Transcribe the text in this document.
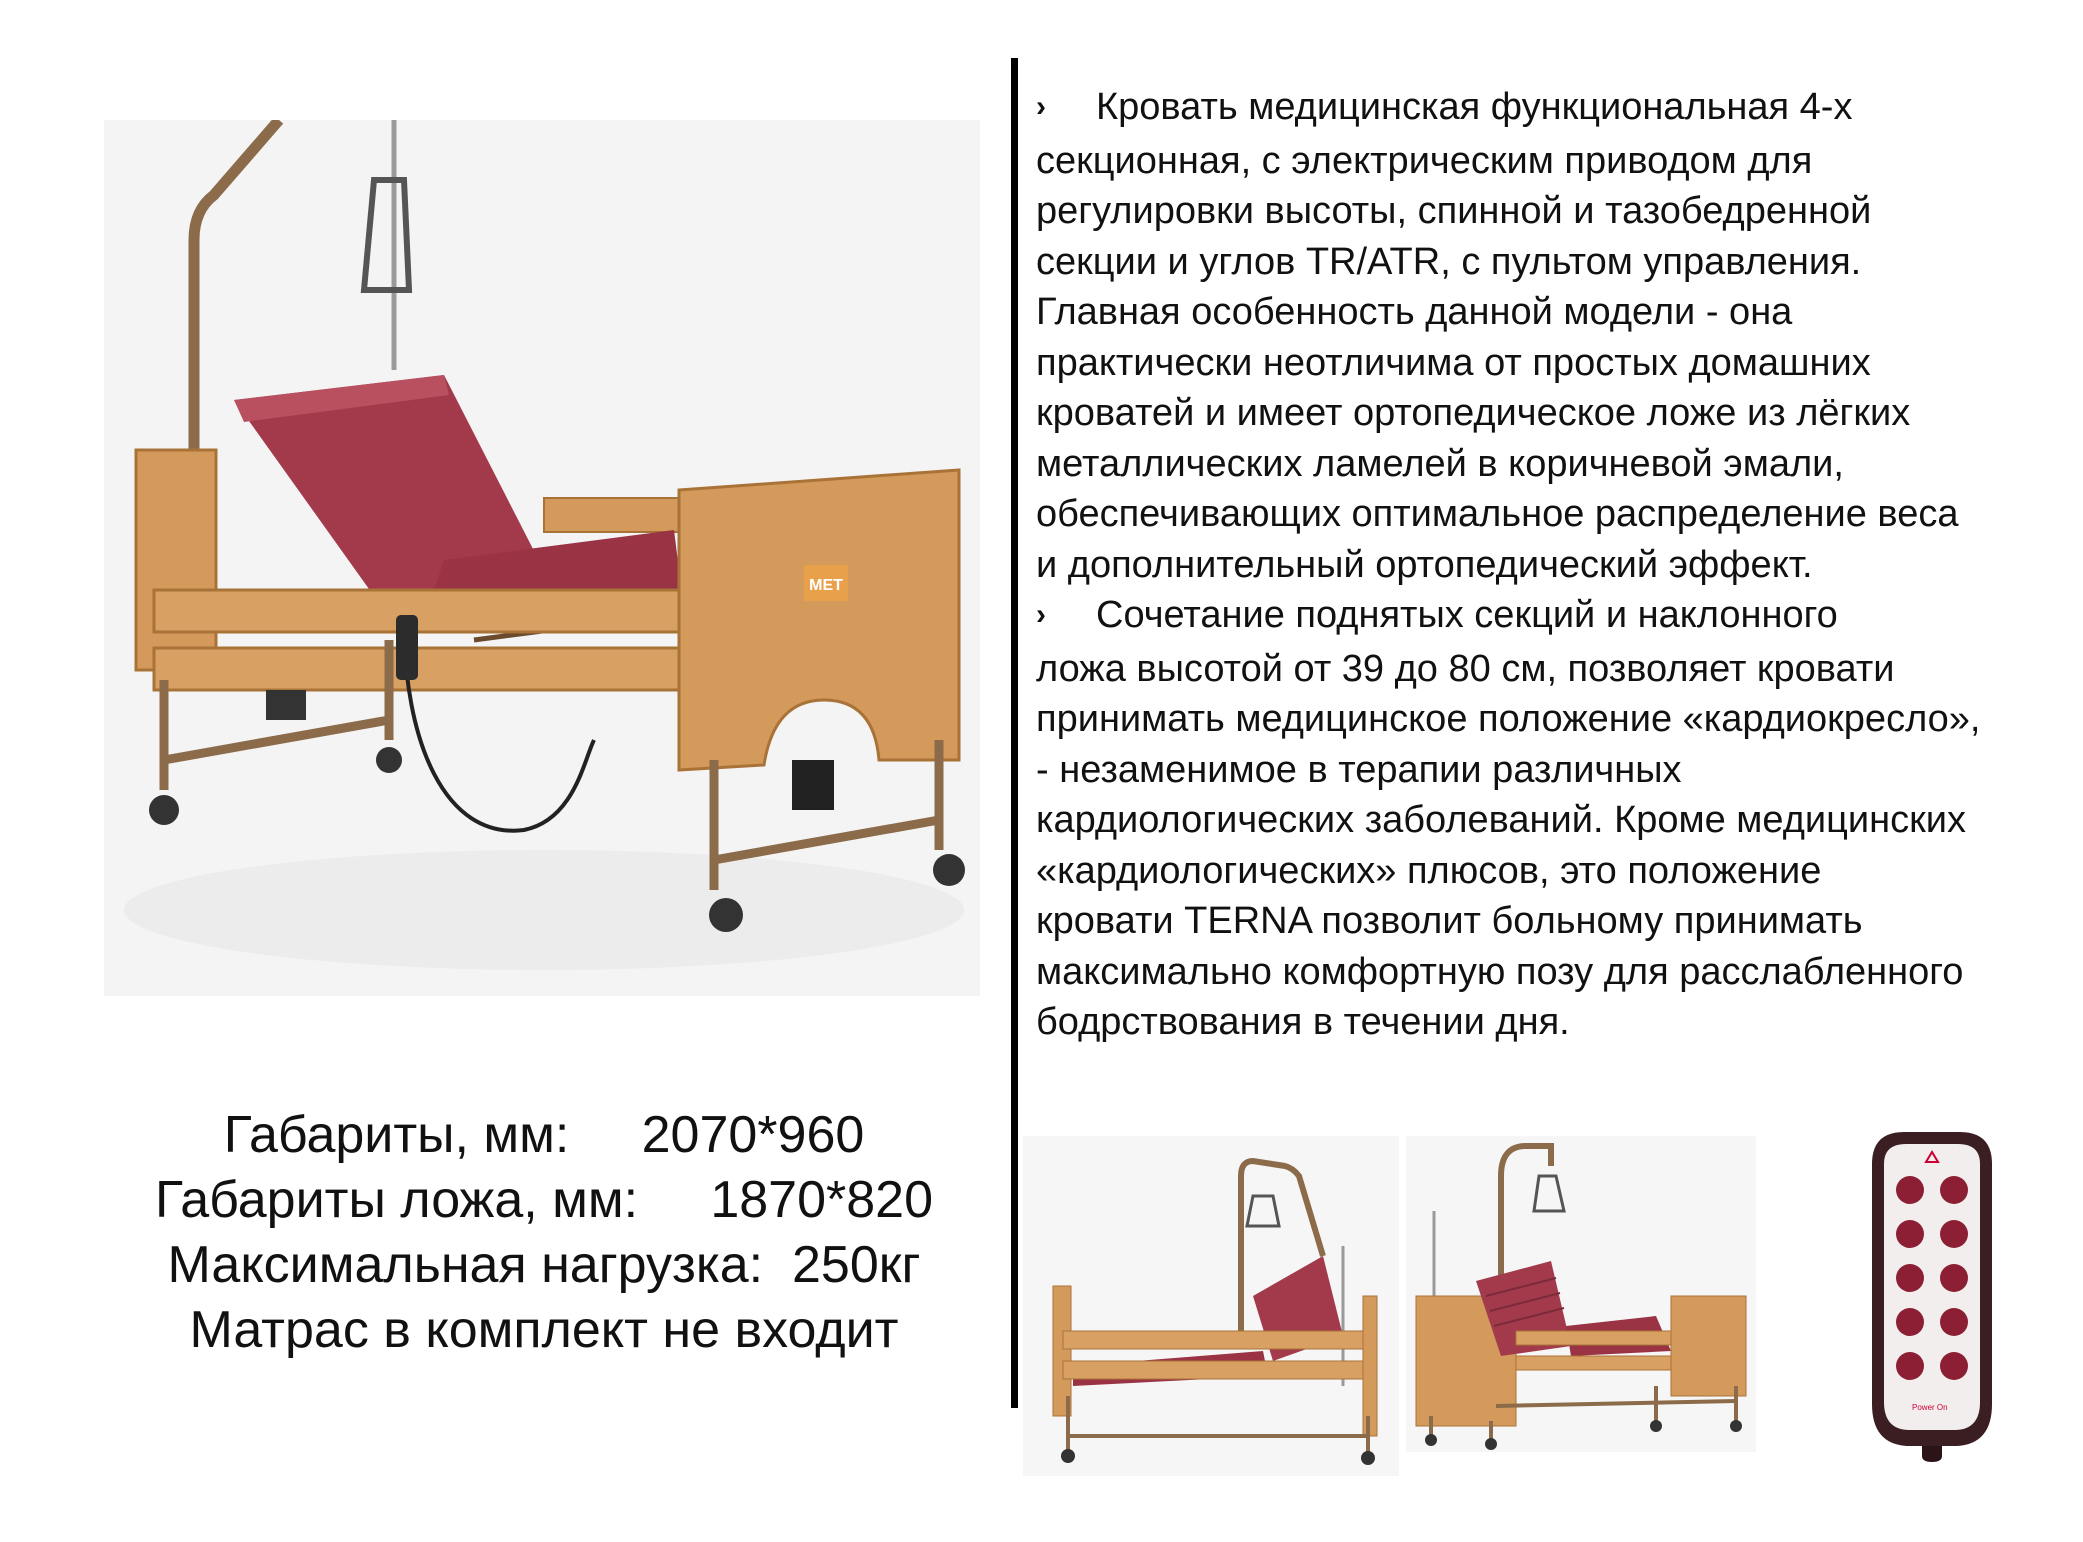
MET

› Кровать медицинская функциональная 4-х
секционная, с электрическим приводом для
регулировки высоты, спинной и тазобедренной
секции и углов TR/ATR, с пультом управления.
Главная особенность данной модели - она
практически неотличима от простых домашних
кроватей и имеет ортопедическое ложе из лёгких
металлических ламелей в коричневой эмали,
обеспечивающих оптимальное распределение веса
и дополнительный ортопедический эффект.

› Сочетание поднятых секций и наклонного
ложа высотой от 39 до 80 см, позволяет кровати
принимать медицинское положение «кардиокресло»,
- незаменимое в терапии различных
кардиологических заболеваний. Кроме медицинских
«кардиологических» плюсов, это положение
кровати TERNA позволит больному принимать
максимально комфортную позу для расслабленного
бодрствования в течении дня.

Габариты, мм:     2070*960
Габариты ложа, мм:     1870*820
Максимальная нагрузка:  250кг
Матрас в комплект не входит
Power On
